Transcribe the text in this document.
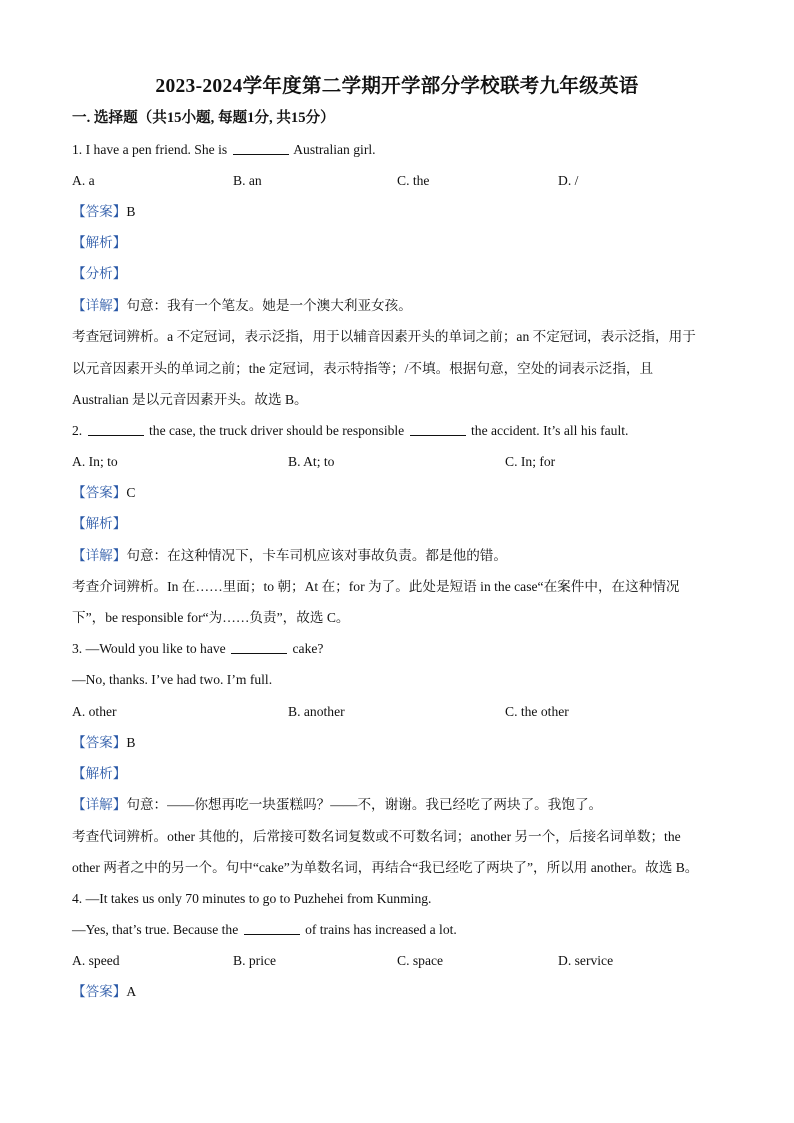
2023-2024学年度第二学期开学部分学校联考九年级英语
一. 选择题（共15小题, 每题1分, 共15分）
1. I have a pen friend. She is	Australian girl.
A. a	B. an	C. the	D. /
【答案】B
【解析】
【分析】
【详解】句意：我有一个笔友。她是一个澳大利亚女孩。
考查冠词辨析。a 不定冠词，表示泛指，用于以辅音因素开头的单词之前；an 不定冠词，表示泛指，用于
以元音因素开头的单词之前；the 定冠词，表示特指等；/不填。根据句意，空处的词表示泛指，且
Australian 是以元音因素开头。故选 B。
2.	the case, the truck driver should be responsible	the accident. It’s all his fault.
A. In; to	B. At; to	C. In; for
【答案】C
【解析】
【详解】句意：在这种情况下，卡车司机应该对事故负责。都是他的错。
考查介词辨析。In 在……里面；to 朝；At 在；for 为了。此处是短语 in the case“在案件中，在这种情况
下”，be responsible for“为……负责”，故选 C。
3. —Would you like to have	cake?
—No, thanks. I’ve had two. I’m full.
A. other	B. another	C. the other
【答案】B
【解析】
【详解】句意：——你想再吃一块蛋糕吗？——不，谢谢。我已经吃了两块了。我饱了。
考查代词辨析。other 其他的，后常接可数名词复数或不可数名词；another 另一个，后接名词单数；the
other 两者之中的另一个。句中“cake”为单数名词，再结合“我已经吃了两块了”，所以用 another。故选 B。
4. —It takes us only 70 minutes to go to Puzhehei from Kunming.
—Yes, that’s true. Because the	of trains has increased a lot.
A. speed	B. price	C. space	D. service
【答案】A
